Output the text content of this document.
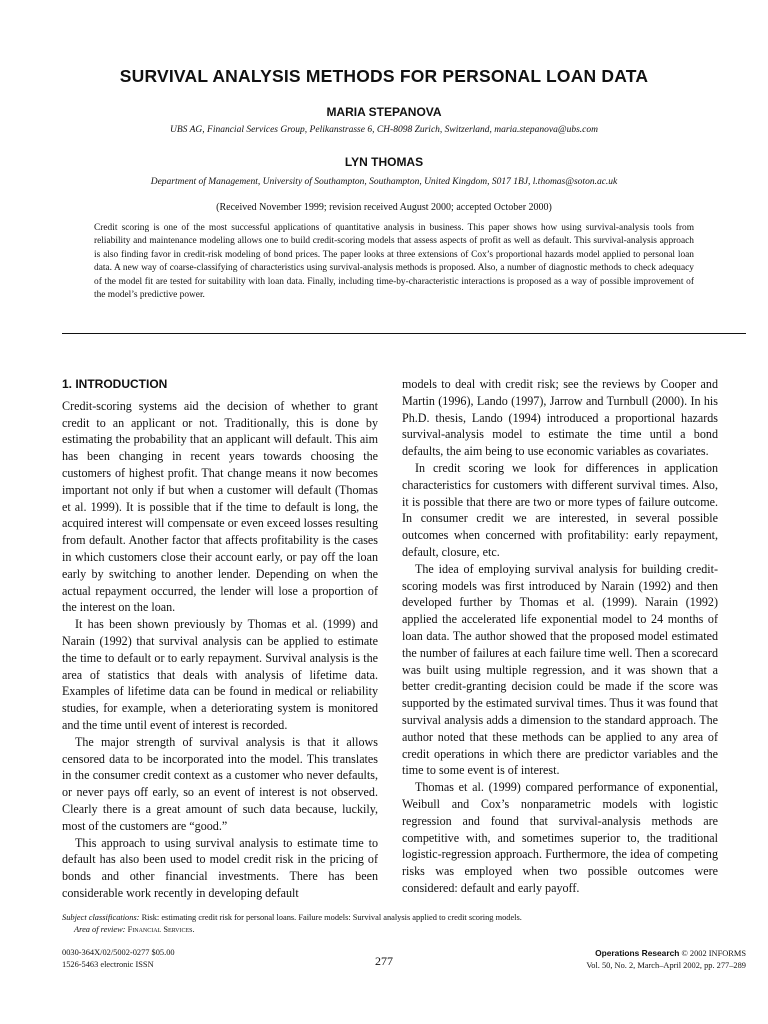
SURVIVAL ANALYSIS METHODS FOR PERSONAL LOAN DATA
MARIA STEPANOVA

UBS AG, Financial Services Group, Pelikanstrasse 6, CH-8098 Zurich, Switzerland, maria.stepanova@ubs.com

LYN THOMAS

Department of Management, University of Southampton, Southampton, United Kingdom, S017 1BJ, l.thomas@soton.ac.uk

(Received November 1999; revision received August 2000; accepted October 2000)

Credit scoring is one of the most successful applications of quantitative analysis in business. This paper shows how using survival-analysis tools from reliability and maintenance modeling allows one to build credit-scoring models that assess aspects of profit as well as default. This survival-analysis approach is also finding favor in credit-risk modeling of bond prices. The paper looks at three extensions of Cox’s proportional hazards model applied to personal loan data. A new way of coarse-classifying of characteristics using survival-analysis methods is proposed. Also, a number of diagnostic methods to check adequacy of the model fit are tested for suitability with loan data. Finally, including time-by-characteristic interactions is proposed as a way of possible improvement of the model’s predictive power.

1. INTRODUCTION

Credit-scoring systems aid the decision of whether to grant credit to an applicant or not. Traditionally, this is done by estimating the probability that an applicant will default. This aim has been changing in recent years towards choosing the customers of highest profit. That change means it now becomes important not only if but when a customer will default (Thomas et al. 1999). It is possible that if the time to default is long, the acquired interest will compensate or even exceed losses resulting from default. Another factor that affects profitability is the cases in which customers close their account early, or pay off the loan early by switching to another lender. Depending on when the actual repayment occurred, the lender will lose a proportion of the interest on the loan.

It has been shown previously by Thomas et al. (1999) and Narain (1992) that survival analysis can be applied to estimate the time to default or to early repayment. Survival analysis is the area of statistics that deals with analysis of lifetime data. Examples of lifetime data can be found in medical or reliability studies, for example, when a deteriorating system is monitored and the time until event of interest is recorded.

The major strength of survival analysis is that it allows censored data to be incorporated into the model. This translates in the consumer credit context as a customer who never defaults, or never pays off early, so an event of interest is not observed. Clearly there is a great amount of such data because, luckily, most of the customers are “good.”

This approach to using survival analysis to estimate time to default has also been used to model credit risk in the pricing of bonds and other financial investments. There has been considerable work recently in developing default

models to deal with credit risk; see the reviews by Cooper and Martin (1996), Lando (1997), Jarrow and Turnbull (2000). In his Ph.D. thesis, Lando (1994) introduced a proportional hazards survival-analysis model to estimate the time until a bond defaults, the aim being to use economic variables as covariates.

In credit scoring we look for differences in application characteristics for customers with different survival times. Also, it is possible that there are two or more types of failure outcome. In consumer credit we are interested, in several possible outcomes when concerned with profitability: early repayment, default, closure, etc.

The idea of employing survival analysis for building credit-scoring models was first introduced by Narain (1992) and then developed further by Thomas et al. (1999). Narain (1992) applied the accelerated life exponential model to 24 months of loan data. The author showed that the proposed model estimated the number of failures at each failure time well. Then a scorecard was built using multiple regression, and it was shown that a better credit-granting decision could be made if the score was supported by the estimated survival times. Thus it was found that survival analysis adds a dimension to the standard approach. The author noted that these methods can be applied to any area of credit operations in which there are predictor variables and the time to some event is of interest.

Thomas et al. (1999) compared performance of exponential, Weibull and Cox’s nonparametric models with logistic regression and found that survival-analysis methods are competitive with, and sometimes superior to, the traditional logistic-regression approach. Furthermore, the idea of competing risks was employed when two possible outcomes were considered: default and early payoff.

Subject classifications: Risk: estimating credit risk for personal loans. Failure models: Survival analysis applied to credit scoring models.
Area of review: Financial Services.
0030-364X/02/5002-0277 $05.00
1526-5463 electronic ISSN	277
Operations Research © 2002 INFORMS
Vol. 50, No. 2, March–April 2002, pp. 277–289
